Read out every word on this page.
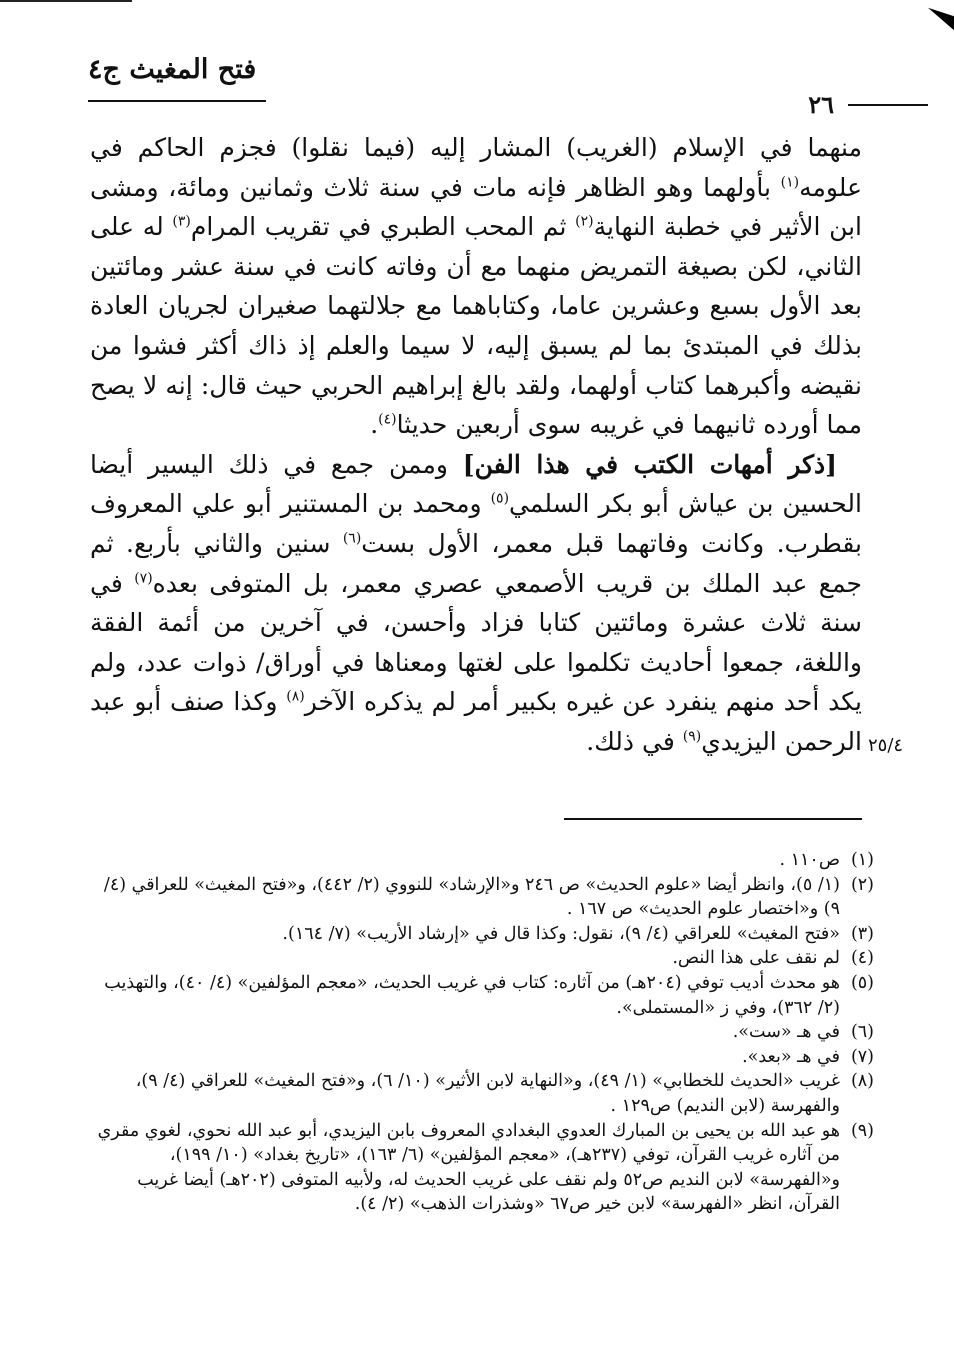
فتح المغيث ج٤
٢٦

منهما في الإسلام (الغريب) المشار إليه (فيما نقلوا) فجزم الحاكم في علومه$^{(١)}$ بأولهما وهو الظاهر فإنه مات في سنة ثلاث وثمانين ومائة، ومشى ابن الأثير في خطبة النهاية$^{(٢)}$ ثم المحب الطبري في تقريب المرام$^{(٣)}$ له على الثاني، لكن بصيغة التمريض منهما مع أن وفاته كانت في سنة عشر ومائتين بعد الأول بسبع وعشرين عاما، وكتاباهما مع جلالتهما صغيران لجريان العادة بذلك في المبتدئ بما لم يسبق إليه، لا سيما والعلم إذ ذاك أكثر فشوا من نقيضه وأكبرهما كتاب أولهما، ولقد بالغ إبراهيم الحربي حيث قال: إنه لا يصح مما أورده ثانيهما في غريبه سوى أربعين حديثا$^{(٤)}$.

 [ذكر أمهات الكتب في هذا الفن] وممن جمع في ذلك اليسير أيضا الحسين بن عياش أبو بكر السلمي$^{(٥)}$ ومحمد بن المستنير أبو علي المعروف بقطرب. وكانت وفاتهما قبل معمر، الأول بست$^{(٦)}$ سنين والثاني بأربع. ثم جمع عبد الملك بن قريب الأصمعي عصري معمر، بل المتوفى بعده$^{(٧)}$ في سنة ثلاث عشرة ومائتين كتابا فزاد وأحسن، في آخرين من أئمة الفقة واللغة، جمعوا أحاديث تكلموا على لغتها ومعناها في أوراق/ ذوات عدد، ولم يكد أحد منهم ينفرد عن غيره بكبير أمر لم يذكره الآخر$^{(٨)}$ وكذا صنف أبو عبد الرحمن اليزيدي$^{(٩)}$ في ذلك.	٢٥/٤

(١)ص١١٠ .

(٢)(١/ ٥)، وانظر أيضا «علوم الحديث» ص ٢٤٦ و«الإرشاد» للنووي (٢/ ٤٤٢)، و«فتح المغيث» للعراقي (٤/ ٩) و«اختصار علوم الحديث» ص ١٦٧ .

(٣)«فتح المغيث» للعراقي (٤/ ٩)، نقول: وكذا قال في «إرشاد الأريب» (٧/ ١٦٤).

(٤)لم نقف على هذا النص.

(٥)هو محدث أديب توفي (٢٠٤هـ) من آثاره: كتاب في غريب الحديث، «معجم المؤلفين» (٤/ ٤٠)، والتهذيب (٢/ ٣٦٢)، وفي ز «المستملى».

(٦)في هـ «ست».

(٧)في هـ «بعد».

(٨)غريب «الحديث للخطابي» (١/ ٤٩)، و«النهاية لابن الأثير» (١٠/ ٦)، و«فتح المغيث» للعراقي (٤/ ٩)، والفهرسة (لابن النديم) ص١٢٩ .

(٩)هو عبد الله بن يحيى بن المبارك العدوي البغدادي المعروف بابن اليزيدي، أبو عبد الله نحوي، لغوي مقري من آثاره غريب القرآن، توفي (٢٣٧هـ)، «معجم المؤلفين» (٦/ ١٦٣)، «تاريخ بغداد» (١٠/ ١٩٩)، و«الفهرسة» لابن النديم ص٥٢ ولم نقف على غريب الحديث له، ولأبيه المتوفى (٢٠٢هـ) أيضا غريب القرآن، انظر «الفهرسة» لابن خير ص٦٧ «وشذرات الذهب» (٢/ ٤).
